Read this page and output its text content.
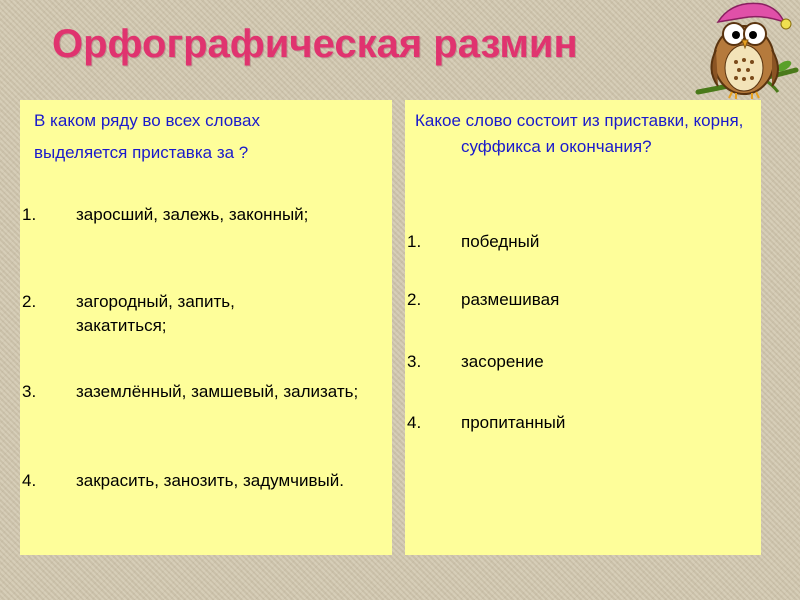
Орфографическая размин
В каком ряду во всех словах
выделяется приставка за ?
1. заросший, залежь, законный;
2. загородный, запить, закатиться;
3. заземлённый, замшевый, зализать;
4. закрасить, занозить, задумчивый.
Какое слово состоит из приставки, корня, суффикса и окончания?
1. победный
2. размешивая
3. засорение
4. пропитанный
